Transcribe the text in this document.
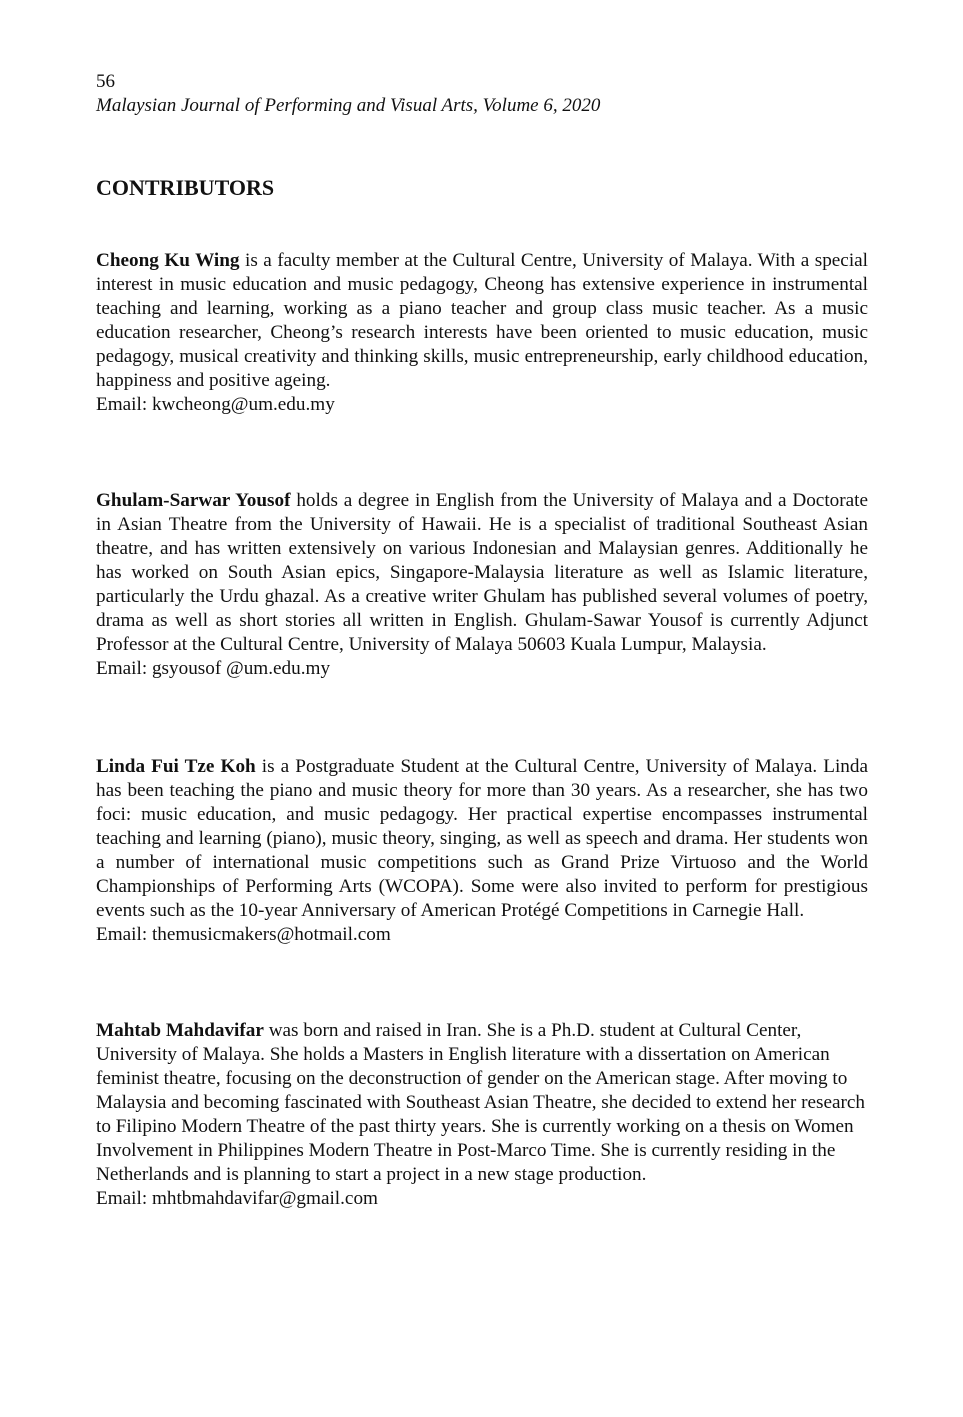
56
Malaysian Journal of Performing and Visual Arts, Volume 6, 2020
CONTRIBUTORS

Cheong Ku Wing is a faculty member at the Cultural Centre, University of Malaya. With a special interest in music education and music pedagogy, Cheong has extensive experience in instrumental teaching and learning, working as a piano teacher and group class music teacher. As a music education researcher, Cheong’s research interests have been oriented to music education, music pedagogy, musical creativity and thinking skills, music entrepreneurship, early childhood education, happiness and positive ageing.

Email: kwcheong@um.edu.my

Ghulam-Sarwar Yousof holds a degree in English from the University of Malaya and a Doctorate in Asian Theatre from the University of Hawaii. He is a specialist of traditional Southeast Asian theatre, and has written extensively on various Indonesian and Malaysian genres. Additionally he has worked on South Asian epics, Singapore-Malaysia literature as well as Islamic literature, particularly the Urdu ghazal. As a creative writer Ghulam has published several volumes of poetry, drama as well as short stories all written in English. Ghulam-Sawar Yousof is currently Adjunct Professor at the Cultural Centre, University of Malaya 50603 Kuala Lumpur, Malaysia.

Email: gsyousof @um.edu.my

Linda Fui Tze Koh is a Postgraduate Student at the Cultural Centre, University of Malaya. Linda has been teaching the piano and music theory for more than 30 years. As a researcher, she has two foci: music education, and music pedagogy. Her practical expertise encompasses instrumental teaching and learning (piano), music theory, singing, as well as speech and drama. Her students won a number of international music competitions such as Grand Prize Virtuoso and the World Championships of Performing Arts (WCOPA). Some were also invited to perform for prestigious events such as the 10-year Anniversary of American Protégé Competitions in Carnegie Hall.

Email: themusicmakers@hotmail.com

Mahtab Mahdavifar was born and raised in Iran. She is a Ph.D. student at Cultural Center, University of Malaya. She holds a Masters in English literature with a dissertation on American feminist theatre, focusing on the deconstruction of gender on the American stage. After moving to Malaysia and becoming fascinated with Southeast Asian Theatre, she decided to extend her research to Filipino Modern Theatre of the past thirty years. She is currently working on a thesis on Women Involvement in Philippines Modern Theatre in Post-Marco Time. She is currently residing in the Netherlands and is planning to start a project in a new stage production.

Email: mhtbmahdavifar@gmail.com
